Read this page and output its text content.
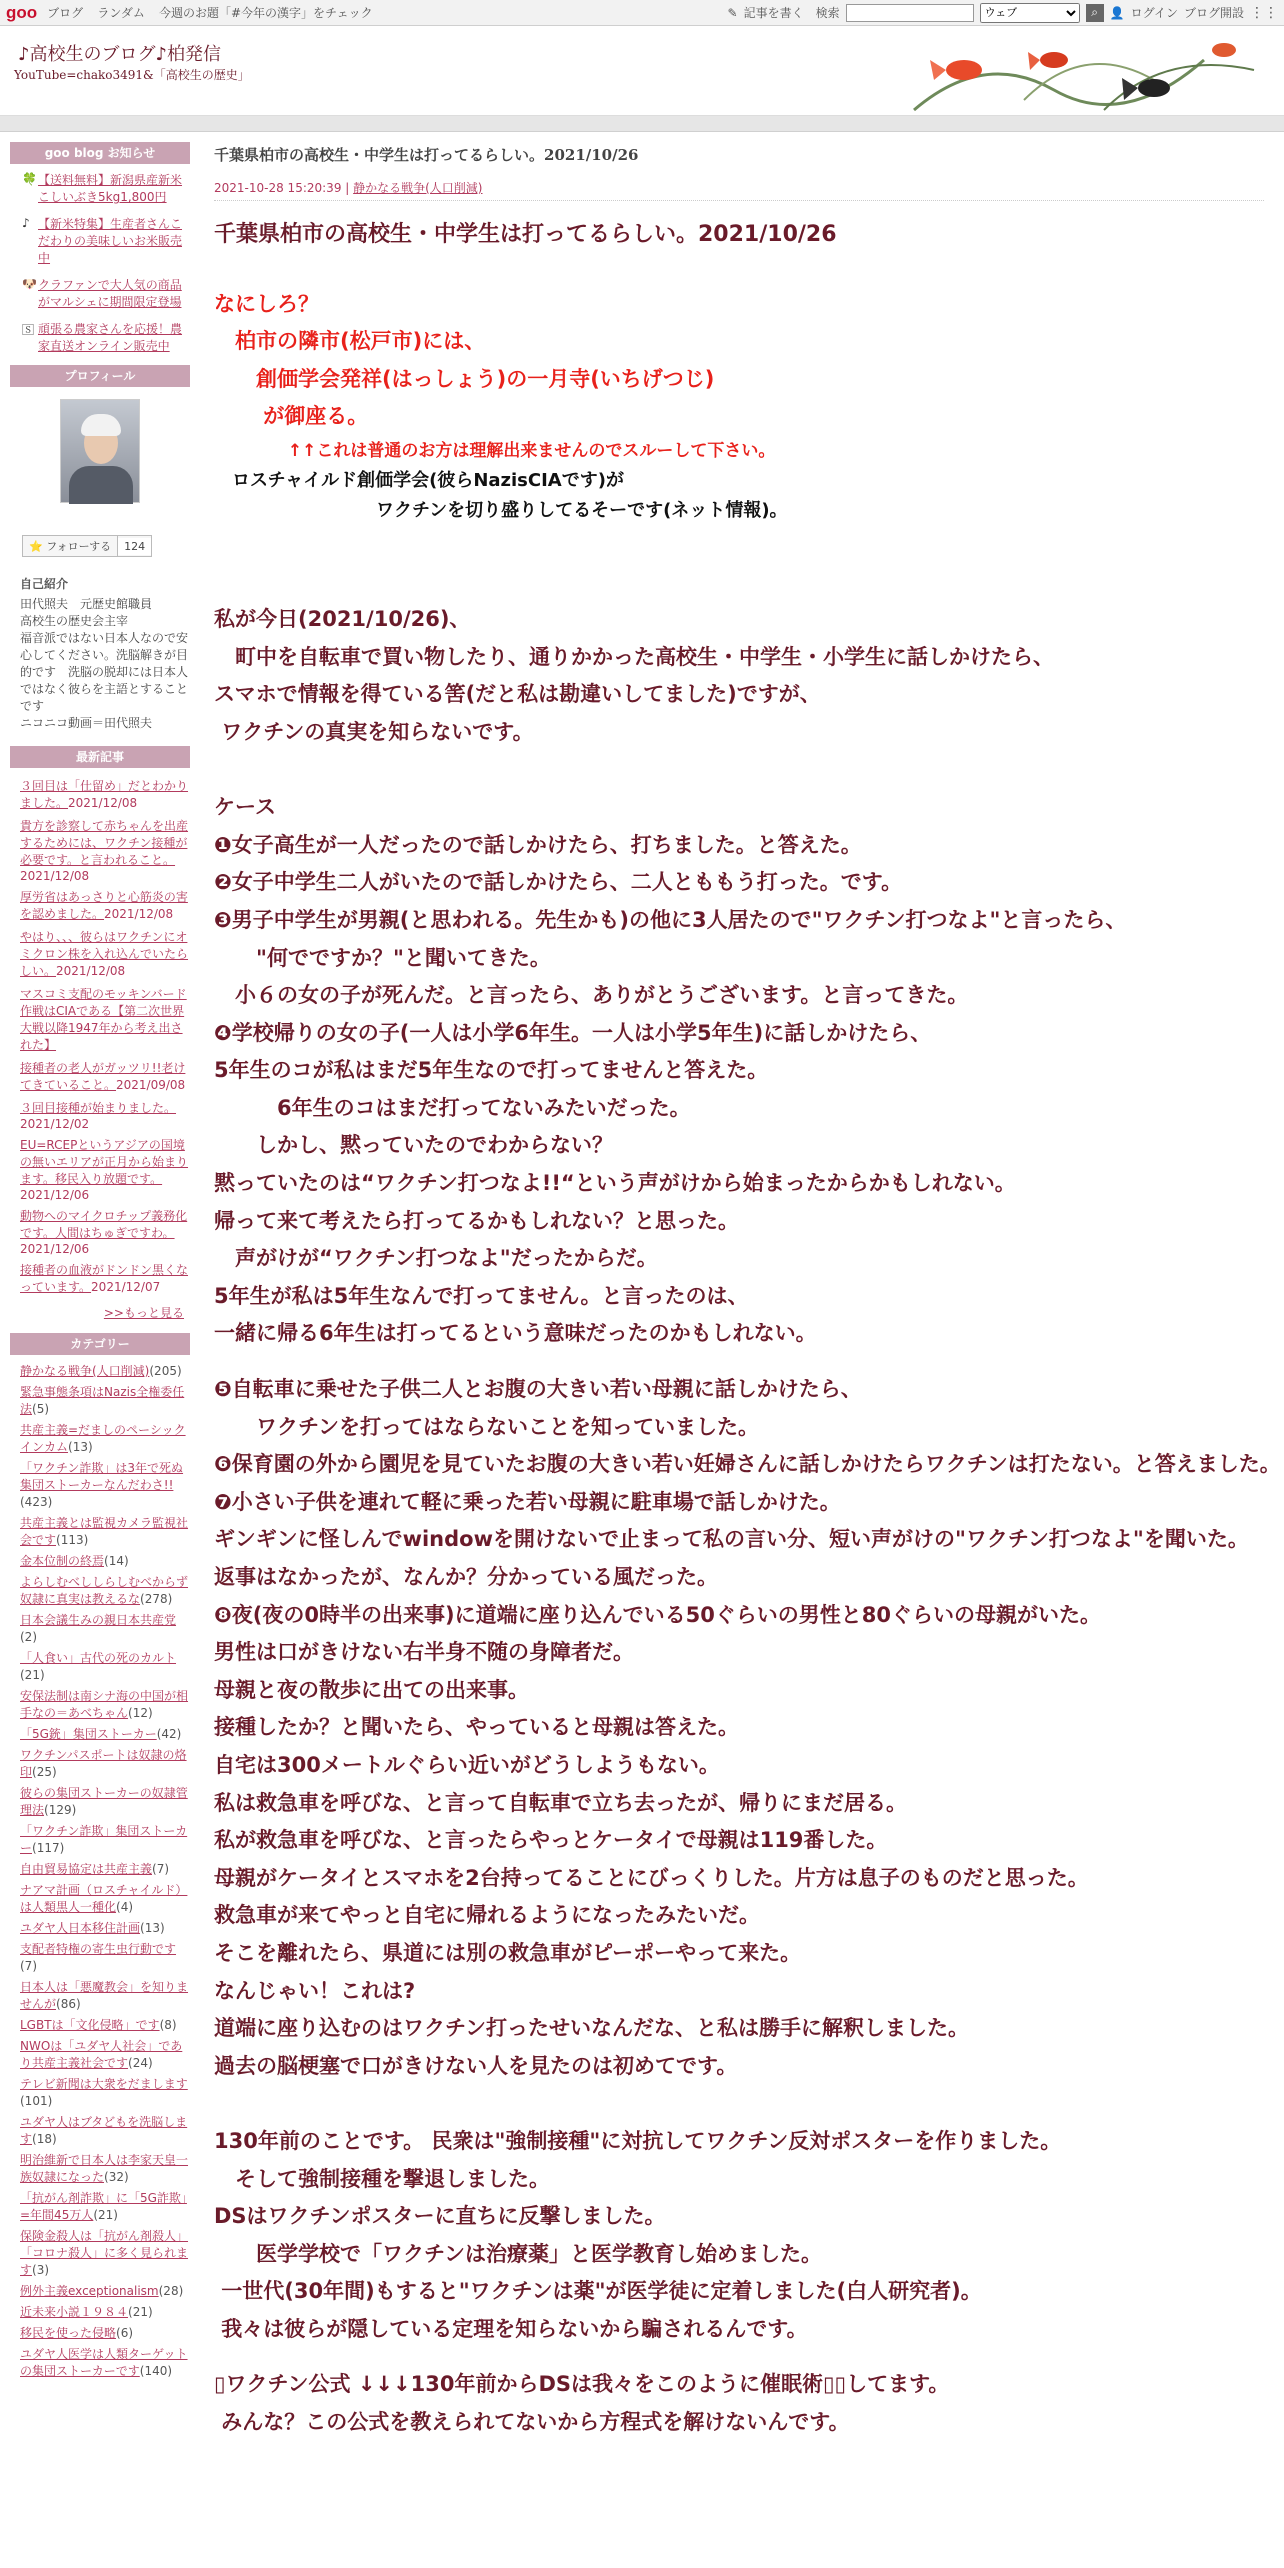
goo ブログ ランダム 今週のお題「#今年の漢字」をチェック	✎ 記事を書く 検索
ウェブ	⌕ 👤 ログイン ブログ開設 ⋮⋮
♪高校生のブログ♪柏発信
YouTube=chako3491&「高校生の歴史」
goo blog お知らせ
🍀 【送料無料】新潟県産新米こしいぶき5kg1,800円
♪ 【新米特集】生産者さんこだわりの美味しいお米販売中
🐶 クラファンで大人気の商品がマルシェに期間限定登場
🅂 頑張る農家さんを応援！農家直送オンライン販売中
プロフィール
⭐ フォローする	124
自己紹介
田代照夫　元歴史館職員
高校生の歴史会主宰
福音派ではない日本人なので安心してください。洗脳解きが目的です　洗脳の脱却には日本人ではなく彼らを主語とすることです
ニコニコ動画＝田代照夫
最新記事
３回目は「仕留め」だとわかりました。2021/12/08
貴方を診察して赤ちゃんを出産するためには、ワクチン接種が必要です。と言われること。2021/12/08
厚労省はあっさりと心筋炎の害を認めました。2021/12/08
やはり、、、彼らはワクチンにオミクロン株を入れ込んでいたらしい。2021/12/08
マスコミ支配のモッキンバード作戦はCIAである【第二次世界大戦以降1947年から考え出された】
接種者の老人がガッツリ!!老けてきていること。2021/09/08
３回目接種が始まりました。2021/12/02
EU=RCEPというアジアの国境の無いエリアが正月から始まります。移民入り放題です。2021/12/06
動物へのマイクロチップ義務化です。人間はちゅぎですわ。2021/12/06
接種者の血液がドンドン黒くなっています。2021/12/07
>>もっと見る
カテゴリー
静かなる戦争(人口削減)(205)
緊急事態条項はNazis全権委任法(5)
共産主義=だましのペーシックインカム(13)
「ワクチン詐欺」は3年で死ぬ集団ストーカーなんだわさ!!(423)
共産主義とは監視カメラ監視社会です(113)
金本位制の終焉(14)
よらしむべししらしむべからず奴隷に真実は教えるな(278)
日本会議生みの親日本共産党(2)
「人食い」古代の死のカルト(21)
安保法制は南シナ海の中国が相手なの＝あべちゃん(12)
「5G銃」集団ストーカー(42)
ワクチンパスポートは奴隷の烙印(25)
彼らの集団ストーカーの奴隷管理法(129)
「ワクチン詐欺」集団ストーカー(117)
自由貿易協定は共産主義(7)
ナアマ計画（ロスチャイルド）は人類黒人一種化(4)
ユダヤ人日本移住計画(13)
支配者特権の寄生虫行動です(7)
日本人は「悪魔教会」を知りませんが(86)
LGBTは「文化侵略」です(8)
NWOは「ユダヤ人社会」であり共産主義社会です(24)
テレビ新聞は大衆をだまします(101)
ユダヤ人はブタどもを洗脳します(18)
明治維新で日本人は李家天皇一族奴隷になった(32)
「抗がん剤詐欺」に「5G詐欺」=年間45万人(21)
保険金殺人は「抗がん剤殺人」「コロナ殺人」に多く見られます(3)
例外主義exceptionalism(28)
近未来小説１９８４(21)
移民を使った侵略(6)
ユダヤ人医学は人類ターゲットの集団ストーカーです(140)
千葉県柏市の高校生・中学生は打ってるらしい。2021/10/26
2021-10-28 15:20:39 | 静かなる戦争(人口削減)
千葉県柏市の高校生・中学生は打ってるらしい。2021/10/26
なにしろ？
　柏市の隣市(松戸市)には、
　　創価学会発祥(はっしょう)の一月寺(いちげつじ)
　　 が御座る。
　　　　 ↑↑これは普通のお方は理解出来ませんのでスルーして下さい。
　ロスチャイルド創価学会(彼らNazisCIAです)が
　　　　　　　　　ワクチンを切り盛りしてるそーです(ネット情報)。
私が今日(2021/10/26)、
　町中を自転車で買い物したり、通りかかった高校生・中学生・小学生に話しかけたら、
スマホで情報を得ている筈(だと私は勘違いしてました)ですが、
ワクチンの真実を知らないです。
ケース
❶女子高生が一人だったので話しかけたら、打ちました。と答えた。
❷女子中学生二人がいたので話しかけたら、二人とももう打った。です。
❸男子中学生が男親(と思われる。先生かも)の他に3人居たので"ワクチン打つなよ"と言ったら、
　　"何でですか？"と聞いてきた。
　小６の女の子が死んだ。と言ったら、ありがとうございます。と言ってきた。
❹学校帰りの女の子(一人は小学6年生。一人は小学5年生)に話しかけたら、
5年生のコが私はまだ5年生なので打ってませんと答えた。
　　　6年生のコはまだ打ってないみたいだった。
　　しかし、黙っていたのでわからない？
黙っていたのは“ワクチン打つなよ!!“という声がけから始まったからかもしれない。
帰って来て考えたら打ってるかもしれない？と思った。
　声がけが“ワクチン打つなよ"だったからだ。
5年生が私は5年生なんで打ってません。と言ったのは、
一緒に帰る6年生は打ってるという意味だったのかもしれない。
❺自転車に乗せた子供二人とお腹の大きい若い母親に話しかけたら、
　　ワクチンを打ってはならないことを知っていました。
❻保育園の外から園児を見ていたお腹の大きい若い妊婦さんに話しかけたらワクチンは打たない。と答えました。
❼小さい子供を連れて軽に乗った若い母親に駐車場で話しかけた。
ギンギンに怪しんでwindowを開けないで止まって私の言い分、短い声がけの"ワクチン打つなよ"を聞いた。
返事はなかったが、なんか？分かっている風だった。
❽夜(夜の0時半の出来事)に道端に座り込んでいる50ぐらいの男性と80ぐらいの母親がいた。
男性は口がきけない右半身不随の身障者だ。
母親と夜の散歩に出ての出来事。
接種したか？と聞いたら、やっていると母親は答えた。
自宅は300メートルぐらい近いがどうしようもない。
私は救急車を呼びな、と言って自転車で立ち去ったが、帰りにまだ居る。
私が救急車を呼びな、と言ったらやっとケータイで母親は119番した。
母親がケータイとスマホを2台持ってることにびっくりした。片方は息子のものだと思った。
救急車が来てやっと自宅に帰れるようになったみたいだ。
そこを離れたら、県道には別の救急車がピーポーやって来た。
なんじゃい！これは?
道端に座り込むのはワクチン打ったせいなんだな、と私は勝手に解釈しました。
過去の脳梗塞で口がきけない人を見たのは初めてです。
130年前のことです。 民衆は"強制接種"に対抗してワクチン反対ポスターを作りました。
　そして強制接種を撃退しました。
DSはワクチンポスターに直ちに反撃しました。
　　医学学校で「ワクチンは治療薬」と医学教育し始めました。
一世代(30年間)もすると"ワクチンは薬"が医学徒に定着しました(白人研究者)。
我々は彼らが隠している定理を知らないから騙されるんです。
▯ワクチン公式 ↓↓↓130年前からDSは我々をこのように催眠術▯▯してます。
みんな？この公式を教えられてないから方程式を解けないんです。
